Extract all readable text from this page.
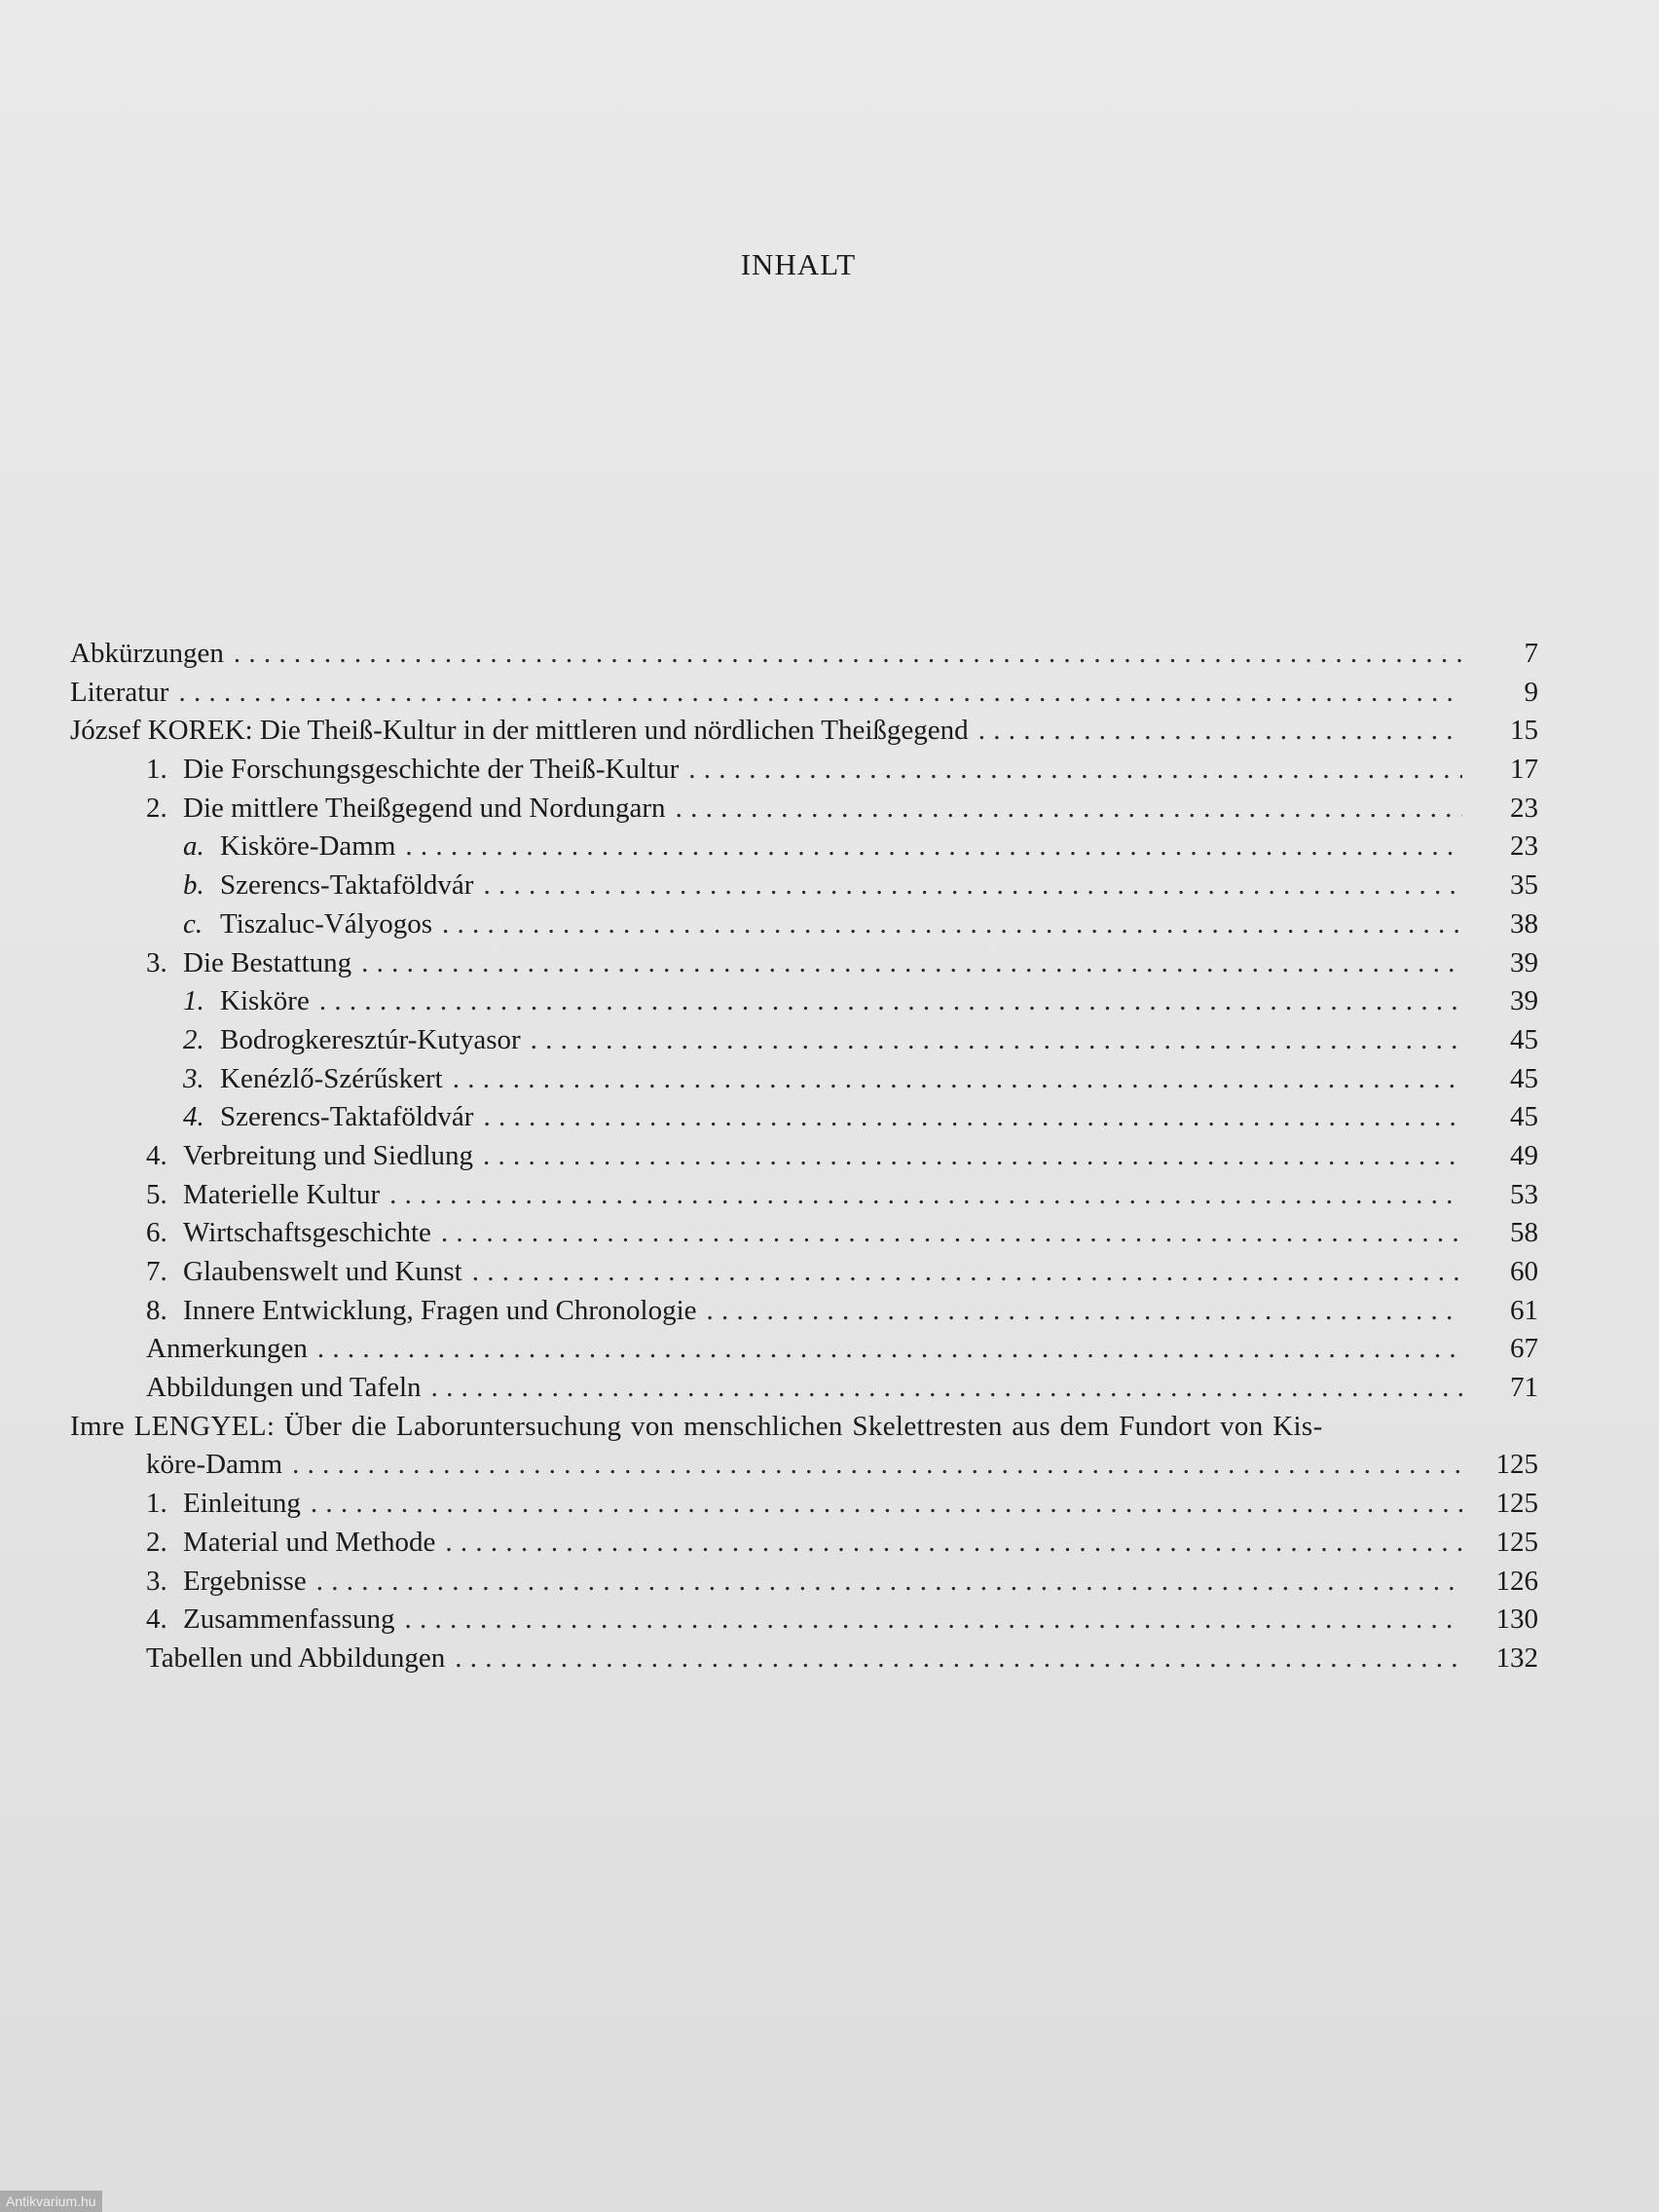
INHALT
Abkürzungen . . .	7
Literatur . . .	9
József KOREK: Die Theiß-Kultur in der mittleren und nördlichen Theißgegend . . .	15
1. Die Forschungsgeschichte der Theiß-Kultur . . .	17
2. Die mittlere Theißgegend und Nordungarn . . .	23
a. Kisköre-Damm . . .	23
b. Szerencs-Taktaföldvár . . .	35
c. Tiszaluc-Vályogos . . .	38
3. Die Bestattung . . .	39
1. Kisköre . . .	39
2. Bodrogkeresztúr-Kutyasor . . .	45
3. Kenézlő-Szérűskert . . .	45
4. Szerencs-Taktaföldvár . . .	45
4. Verbreitung und Siedlung . . .	49
5. Materielle Kultur . . .	53
6. Wirtschaftsgeschichte . . .	58
7. Glaubenswelt und Kunst . . .	60
8. Innere Entwicklung, Fragen und Chronologie . . .	61
Anmerkungen . . .	67
Abbildungen und Tafeln . . .	71
Imre LENGYEL: Über die Laboruntersuchung von menschlichen Skelettresten aus dem Fundort von Kis-
köre-Damm . . .	125
1. Einleitung . . .	125
2. Material und Methode . . .	125
3. Ergebnisse . . .	126
4. Zusammenfassung . . .	130
Tabellen und Abbildungen . . .	132
Antikvarium.hu
